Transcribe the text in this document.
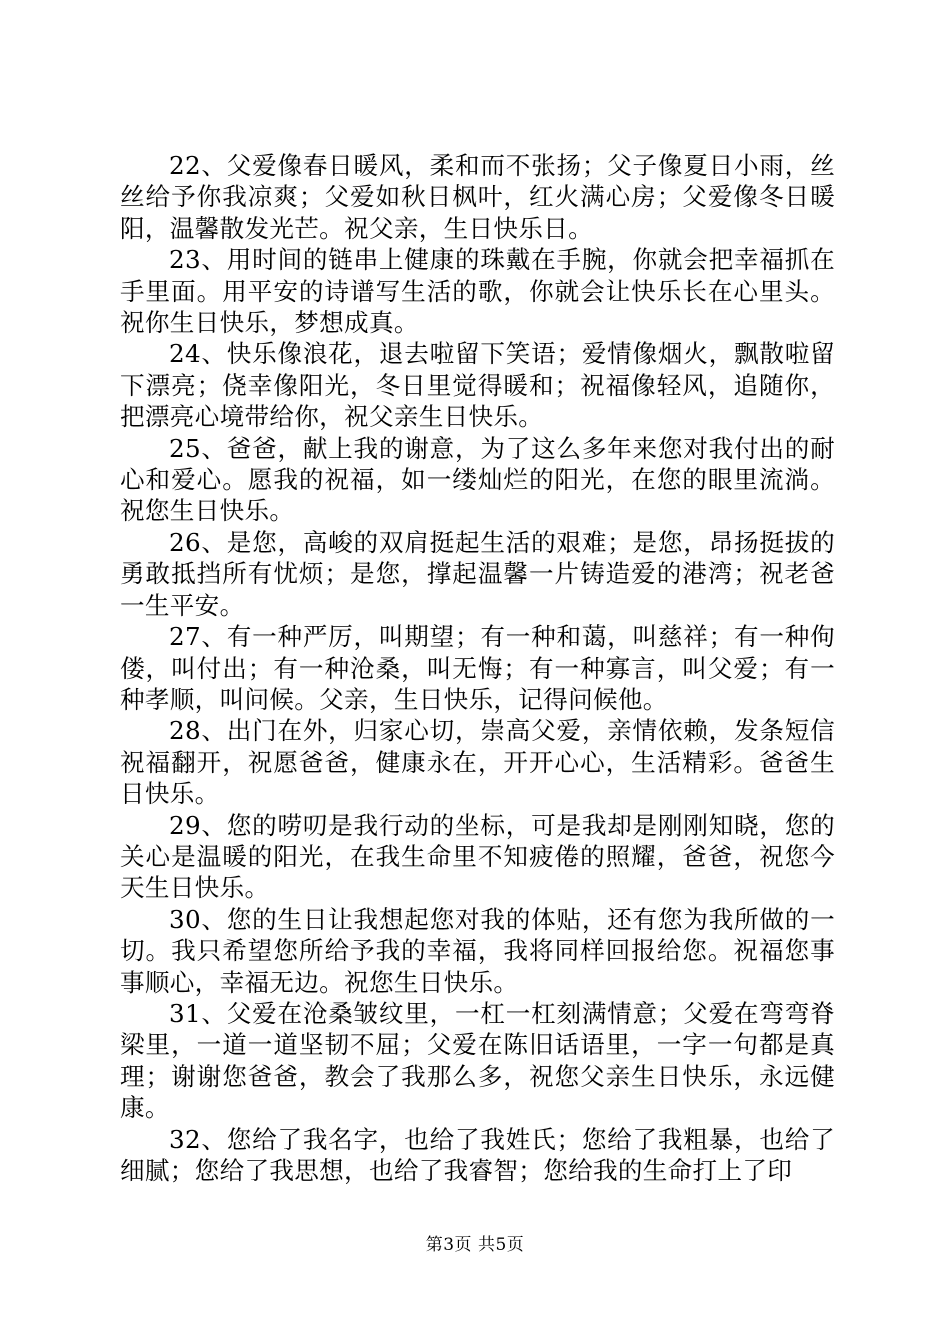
22、父爱像春日暖风，柔和而不张扬；父子像夏日小雨，丝丝给予你我凉爽；父爱如秋日枫叶，红火满心房；父爱像冬日暖阳，温馨散发光芒。祝父亲，生日快乐日。

23、用时间的链串上健康的珠戴在手腕，你就会把幸福抓在手里面。用平安的诗谱写生活的歌，你就会让快乐长在心里头。祝你生日快乐，梦想成真。

24、快乐像浪花，退去啦留下笑语；爱情像烟火，飘散啦留下漂亮；侥幸像阳光，冬日里觉得暖和；祝福像轻风，追随你，把漂亮心境带给你，祝父亲生日快乐。

25、爸爸，献上我的谢意，为了这么多年来您对我付出的耐心和爱心。愿我的祝福，如一缕灿烂的阳光，在您的眼里流淌。祝您生日快乐。

26、是您，高峻的双肩挺起生活的艰难；是您，昂扬挺拔的勇敢抵挡所有忧烦；是您，撑起温馨一片铸造爱的港湾；祝老爸一生平安。

27、有一种严厉，叫期望；有一种和蔼，叫慈祥；有一种佝偻，叫付出；有一种沧桑，叫无悔；有一种寡言，叫父爱；有一种孝顺，叫问候。父亲，生日快乐，记得问候他。

28、出门在外，归家心切，崇高父爱，亲情依赖，发条短信祝福翻开，祝愿爸爸，健康永在，开开心心，生活精彩。爸爸生日快乐。

29、您的唠叨是我行动的坐标，可是我却是刚刚知晓，您的关心是温暖的阳光，在我生命里不知疲倦的照耀，爸爸，祝您今天生日快乐。

30、您的生日让我想起您对我的体贴，还有您为我所做的一切。我只希望您所给予我的幸福，我将同样回报给您。祝福您事事顺心，幸福无边。祝您生日快乐。

31、父爱在沧桑皱纹里，一杠一杠刻满情意；父爱在弯弯脊梁里，一道一道坚韧不屈；父爱在陈旧话语里，一字一句都是真理；谢谢您爸爸，教会了我那么多，祝您父亲生日快乐，永远健康。

32、您给了我名字，也给了我姓氏；您给了我粗暴，也给了细腻；您给了我思想，也给了我睿智；您给我的生命打上了印

第3页 共5页
